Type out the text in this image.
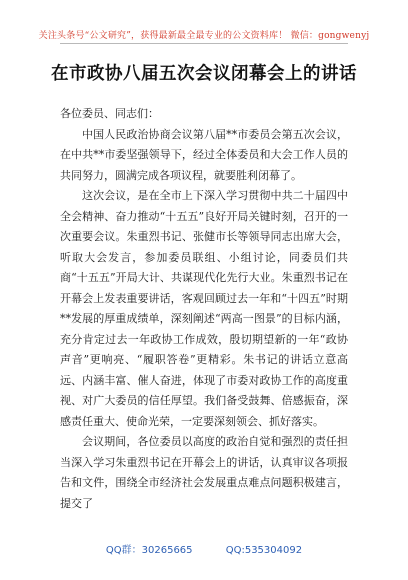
关注头条号“公文研究”，获得最新最全最专业的公文资料库！ 微信：gongwenyj
在市政协八届五次会议闭幕会上的讲话

各位委员、同志们：

中国人民政治协商会议第八届**市委员会第五次会议，在中共**市委坚强领导下，经过全体委员和大会工作人员的共同努力，圆满完成各项议程，就要胜利闭幕了。

这次会议，是在全市上下深入学习贯彻中共二十届四中全会精神、奋力推动“十五五”良好开局关键时刻，召开的一次重要会议。朱重烈书记、张健市长等领导同志出席大会，听取大会发言，参加委员联组、小组讨论，同委员们共商“十五五”开局大计、共谋现代化先行大业。朱重烈书记在开幕会上发表重要讲话，客观回顾过去一年和“十四五”时期**发展的厚重成绩单，深刻阐述“两高一图景”的目标内涵，充分肯定过去一年政协工作成效，殷切期望新的一年“政协声音”更响亮、“履职答卷”更精彩。朱书记的讲话立意高远、内涵丰富、催人奋进，体现了市委对政协工作的高度重视、对广大委员的信任厚望。我们备受鼓舞、倍感振奋，深感责任重大、使命光荣，一定要深刻领会、抓好落实。

会议期间，各位委员以高度的政治自觉和强烈的责任担当深入学习朱重烈书记在开幕会上的讲话，认真审议各项报告和文件，围绕全市经济社会发展重点难点问题积极建言，提交了

QQ群：30265665	QQ:535304092
